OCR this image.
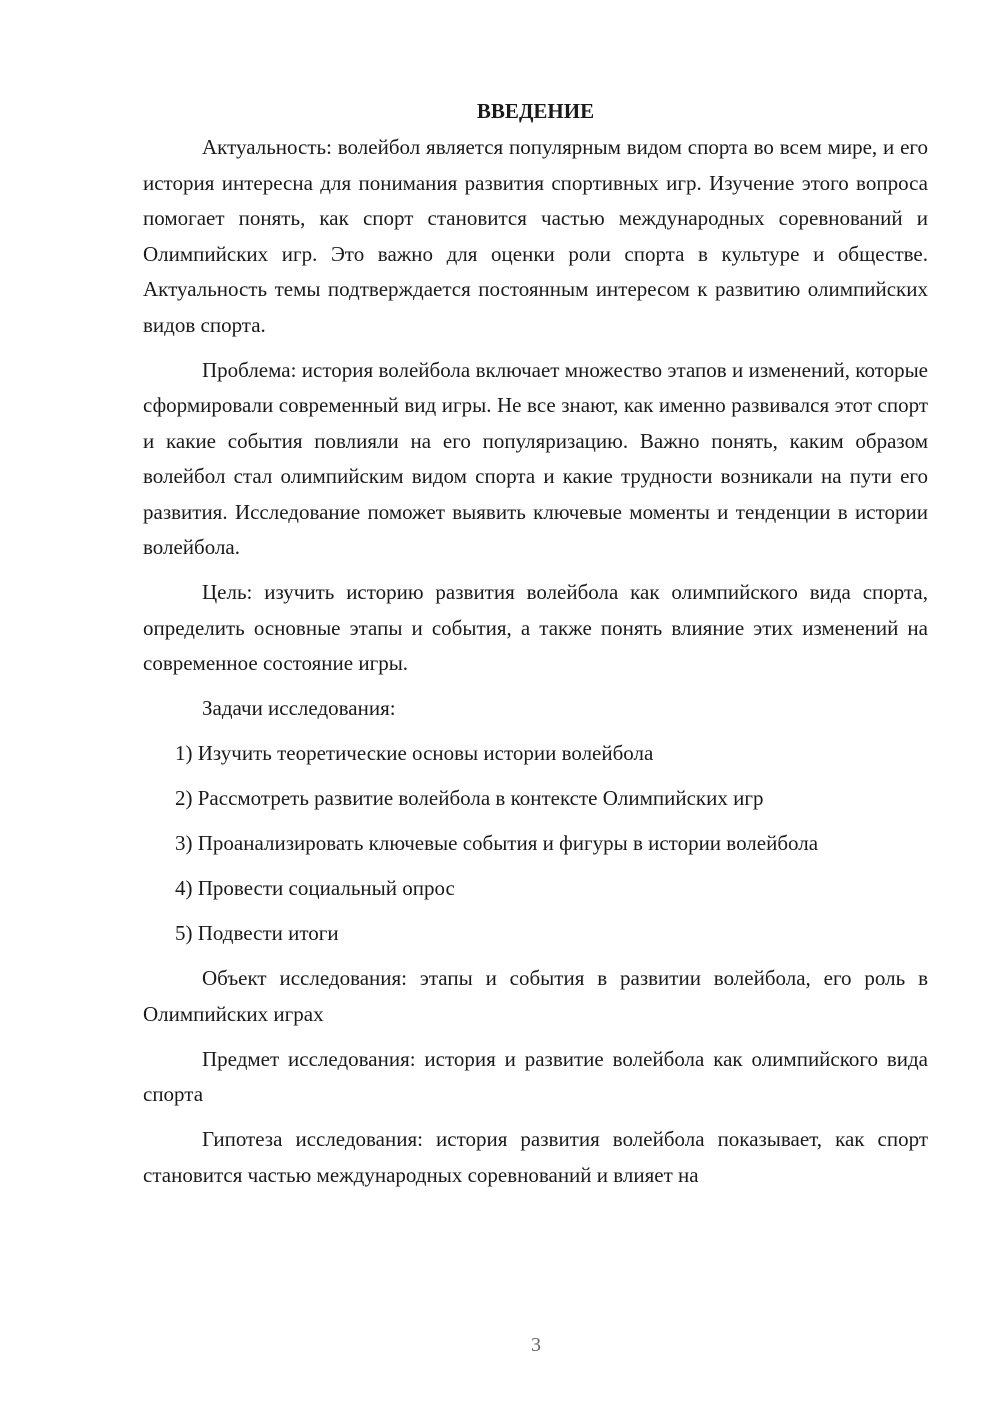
ВВЕДЕНИЕ

Актуальность: волейбол является популярным видом спорта во всем мире, и его история интересна для понимания развития спортивных игр. Изучение этого вопроса помогает понять, как спорт становится частью международных соревнований и Олимпийских игр. Это важно для оценки роли спорта в культуре и обществе. Актуальность темы подтверждается постоянным интересом к развитию олимпийских видов спорта.

Проблема: история волейбола включает множество этапов и изменений, которые сформировали современный вид игры. Не все знают, как именно развивался этот спорт и какие события повлияли на его популяризацию. Важно понять, каким образом волейбол стал олимпийским видом спорта и какие трудности возникали на пути его развития. Исследование поможет выявить ключевые моменты и тенденции в истории волейбола.

Цель: изучить историю развития волейбола как олимпийского вида спорта, определить основные этапы и события, а также понять влияние этих изменений на современное состояние игры.

Задачи исследования:

1) Изучить теоретические основы истории волейбола

2) Рассмотреть развитие волейбола в контексте Олимпийских игр

3) Проанализировать ключевые события и фигуры в истории волейбола

4) Провести социальный опрос

5) Подвести итоги

Объект исследования: этапы и события в развитии волейбола, его роль в Олимпийских играх

Предмет исследования: история и развитие волейбола как олимпийского вида спорта

Гипотеза исследования: история развития волейбола показывает, как спорт становится частью международных соревнований и влияет на

3
